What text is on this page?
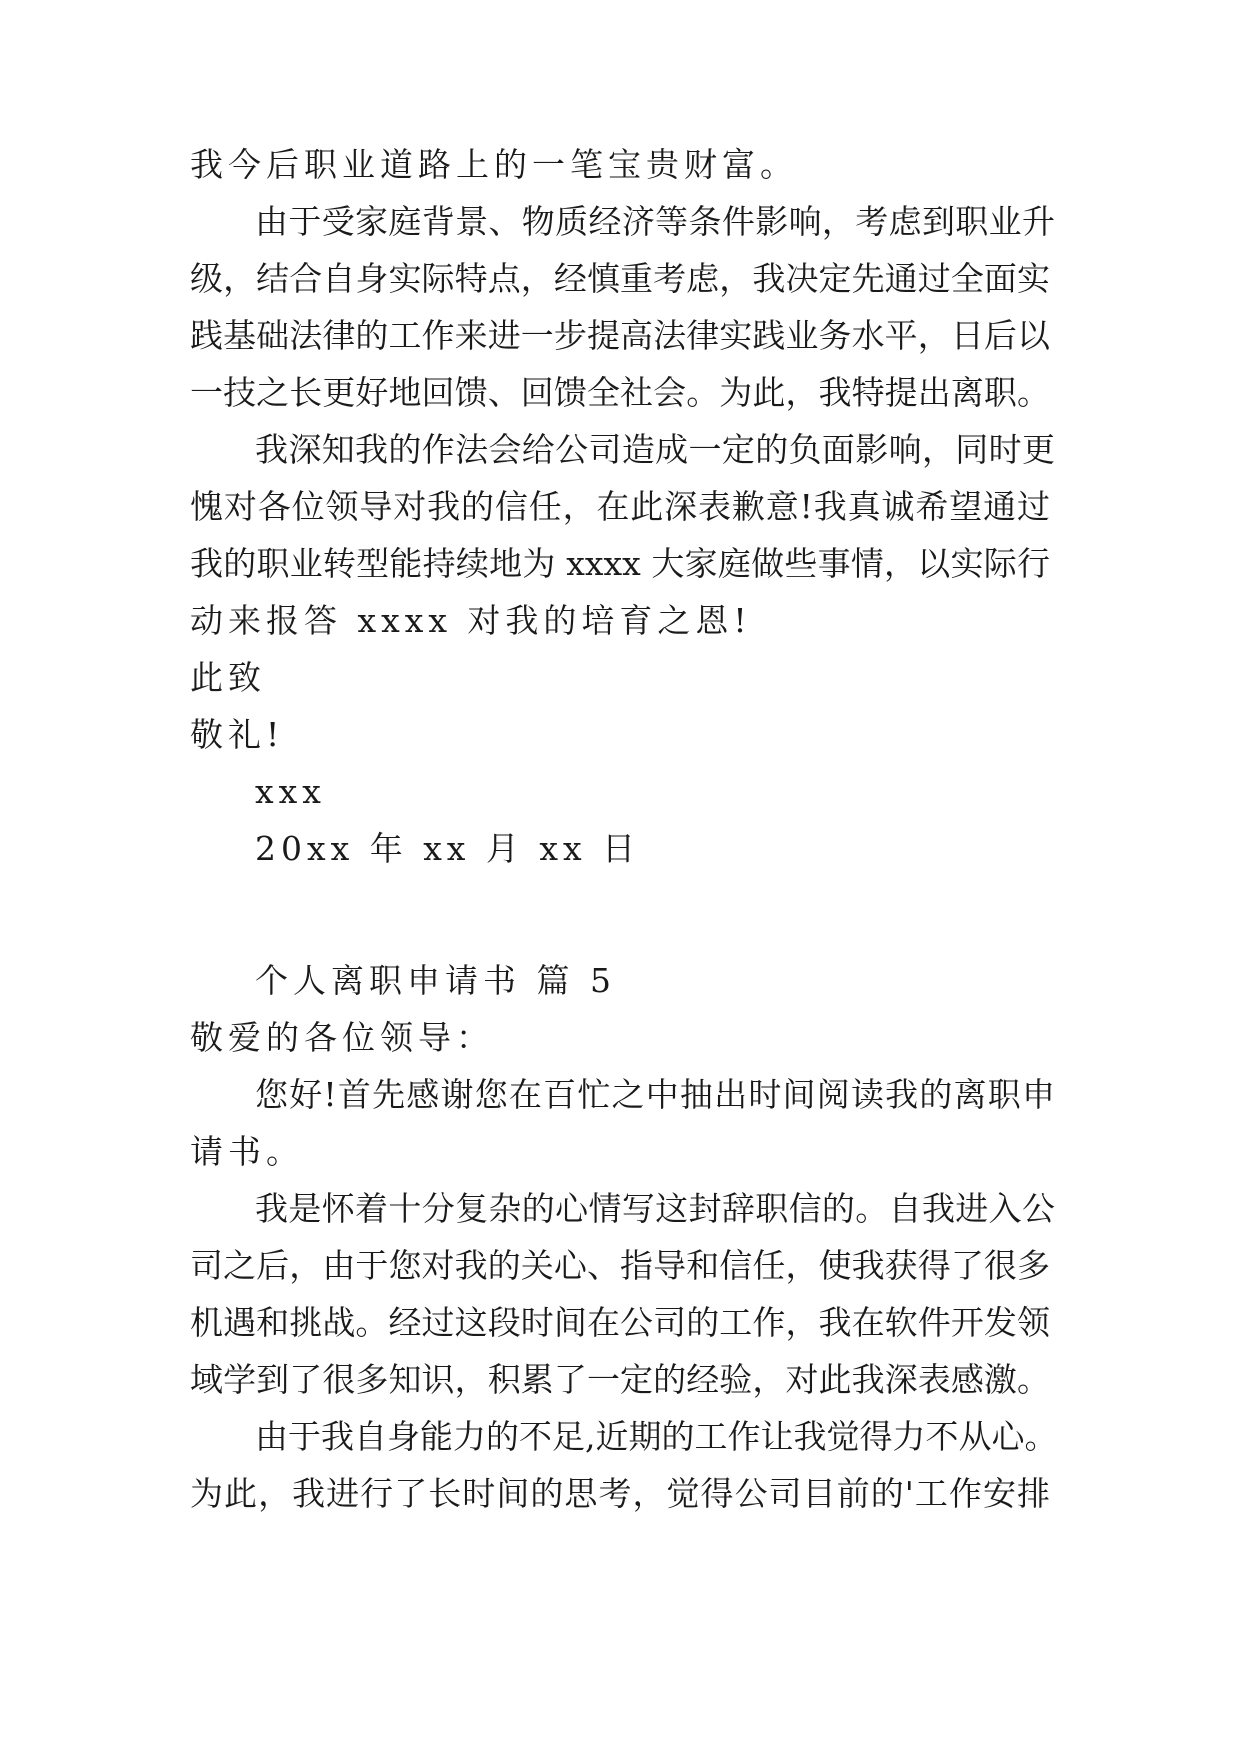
我今后职业道路上的一笔宝贵财富。
由于受家庭背景、物质经济等条件影响，考虑到职业升
级，结合自身实际特点，经慎重考虑，我决定先通过全面实
践基础法律的工作来进一步提高法律实践业务水平，日后以
一技之长更好地回馈、回馈全社会。为此，我特提出离职。
我深知我的作法会给公司造成一定的负面影响，同时更
愧对各位领导对我的信任，在此深表歉意!我真诚希望通过
我的职业转型能持续地为 xxxx 大家庭做些事情，以实际行
动来报答 xxxx 对我的培育之恩!
此致
敬礼!
xxx
20xx 年 xx 月 xx 日
个人离职申请书 篇 5
敬爱的各位领导：
您好!首先感谢您在百忙之中抽出时间阅读我的离职申
请书。
我是怀着十分复杂的心情写这封辞职信的。自我进入公
司之后，由于您对我的关心、指导和信任，使我获得了很多
机遇和挑战。经过这段时间在公司的工作，我在软件开发领
域学到了很多知识，积累了一定的经验，对此我深表感激。
由于我自身能力的不足,近期的工作让我觉得力不从心。
为此，我进行了长时间的思考，觉得公司目前的'工作安排
